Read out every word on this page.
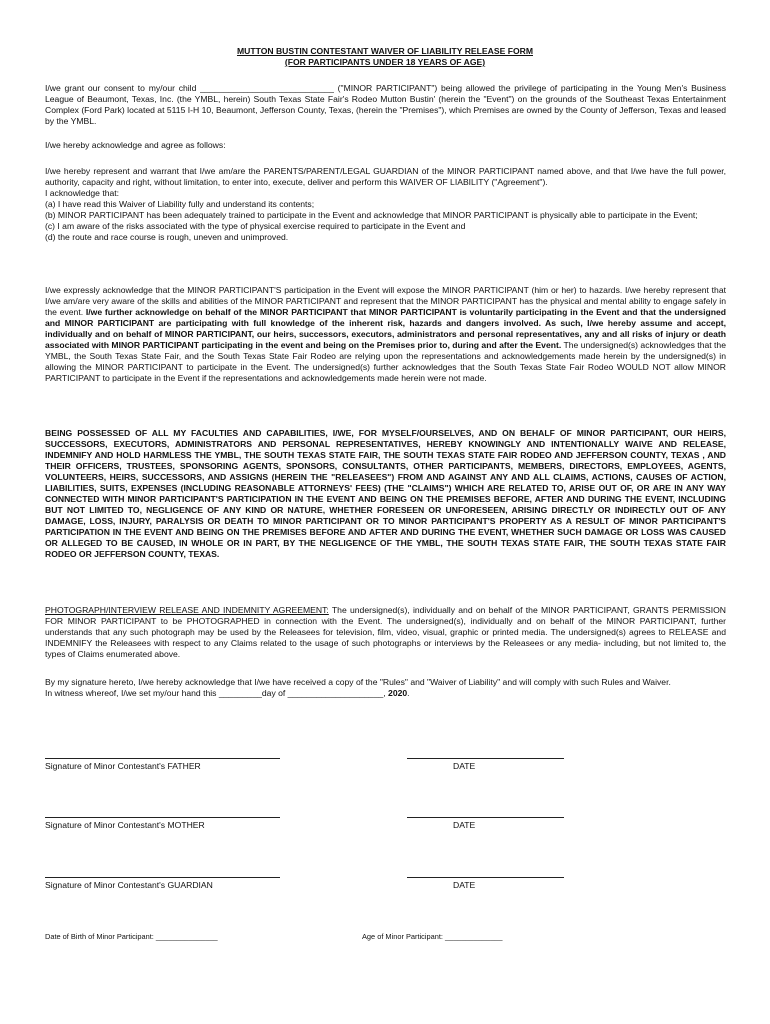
MUTTON BUSTIN CONTESTANT WAIVER OF LIABILITY RELEASE FORM
(FOR PARTICIPANTS UNDER 18 YEARS OF AGE)
I/we grant our consent to my/our child ____________________________ ("MINOR PARTICIPANT") being allowed the privilege of participating in the Young Men's Business League of Beaumont, Texas, Inc. (the YMBL, herein) South Texas State Fair's Rodeo Mutton Bustin' (herein the "Event") on the grounds of the Southeast Texas Entertainment Complex (Ford Park) located at 5115 I-H 10, Beaumont, Jefferson County, Texas, (herein the "Premises"), which Premises are owned by the County of Jefferson, Texas and leased by the YMBL.
I/we hereby acknowledge and agree as follows:
I/we hereby represent and warrant that I/we am/are the PARENTS/PARENT/LEGAL GUARDIAN of the MINOR PARTICIPANT named above, and that I/we have the full power, authority, capacity and right, without limitation, to enter into, execute, deliver and perform this WAIVER OF LIABILITY ("Agreement").
I acknowledge that:
(a) I have read this Waiver of Liability fully and understand its contents;
(b) MINOR PARTICIPANT has been adequately trained to participate in the Event and acknowledge that MINOR PARTICIPANT is physically able to participate in the Event;
(c) I am aware of the risks associated with the type of physical exercise required to participate in the Event and
(d) the route and race course is rough, uneven and unimproved.
I/we expressly acknowledge that the MINOR PARTICIPANT'S participation in the Event will expose the MINOR PARTICIPANT (him or her) to hazards. I/we hereby represent that I/we am/are very aware of the skills and abilities of the MINOR PARTICIPANT and represent that the MINOR PARTICIPANT has the physical and mental ability to engage safely in the event. I/we further acknowledge on behalf of the MINOR PARTICIPANT that MINOR PARTICIPANT is voluntarily participating in the Event and that the undersigned and MINOR PARTICIPANT are participating with full knowledge of the inherent risk, hazards and dangers involved. As such, I/we hereby assume and accept, individually and on behalf of MINOR PARTICIPANT, our heirs, successors, executors, administrators and personal representatives, any and all risks of injury or death associated with MINOR PARTICIPANT participating in the event and being on the Premises prior to, during and after the Event. The undersigned(s) acknowledges that the YMBL, the South Texas State Fair, and the South Texas State Fair Rodeo are relying upon the representations and acknowledgements made herein by the undersigned(s) in allowing the MINOR PARTICIPANT to participate in the Event. The undersigned(s) further acknowledges that the South Texas State Fair Rodeo WOULD NOT allow MINOR PARTICIPANT to participate in the Event if the representations and acknowledgements made herein were not made.
BEING POSSESSED OF ALL MY FACULTIES AND CAPABILITIES, I/WE, FOR MYSELF/OURSELVES, AND ON BEHALF OF MINOR PARTICIPANT, OUR HEIRS, SUCCESSORS, EXECUTORS, ADMINISTRATORS AND PERSONAL REPRESENTATIVES, HEREBY KNOWINGLY AND INTENTIONALLY WAIVE AND RELEASE, INDEMNIFY AND HOLD HARMLESS THE YMBL, THE SOUTH TEXAS STATE FAIR, THE SOUTH TEXAS STATE FAIR RODEO AND JEFFERSON COUNTY, TEXAS , AND THEIR OFFICERS, TRUSTEES, SPONSORING AGENTS, SPONSORS, CONSULTANTS, OTHER PARTICIPANTS, MEMBERS, DIRECTORS, EMPLOYEES, AGENTS, VOLUNTEERS, HEIRS, SUCCESSORS, AND ASSIGNS (HEREIN THE "RELEASEES") FROM AND AGAINST ANY AND ALL CLAIMS, ACTIONS, CAUSES OF ACTION, LIABILITIES, SUITS, EXPENSES (INCLUDING REASONABLE ATTORNEYS' FEES) (THE "CLAIMS") WHICH ARE RELATED TO, ARISE OUT OF, OR ARE IN ANY WAY CONNECTED WITH MINOR PARTICIPANT'S PARTICIPATION IN THE EVENT AND BEING ON THE PREMISES BEFORE, AFTER AND DURING THE EVENT, INCLUDING BUT NOT LIMITED TO, NEGLIGENCE OF ANY KIND OR NATURE, WHETHER FORESEEN OR UNFORESEEN, ARISING DIRECTLY OR INDIRECTLY OUT OF ANY DAMAGE, LOSS, INJURY, PARALYSIS OR DEATH TO MINOR PARTICIPANT OR TO MINOR PARTICIPANT'S PROPERTY AS A RESULT OF MINOR PARTICIPANT'S PARTICIPATION IN THE EVENT AND BEING ON THE PREMISES BEFORE AND AFTER AND DURING THE EVENT, WHETHER SUCH DAMAGE OR LOSS WAS CAUSED OR ALLEGED TO BE CAUSED, IN WHOLE OR IN PART, BY THE NEGLIGENCE OF THE YMBL, THE SOUTH TEXAS STATE FAIR, THE SOUTH TEXAS STATE FAIR RODEO OR JEFFERSON COUNTY, TEXAS.
PHOTOGRAPH/INTERVIEW RELEASE AND INDEMNITY AGREEMENT: The undersigned(s), individually and on behalf of the MINOR PARTICIPANT, GRANTS PERMISSION FOR MINOR PARTICIPANT to be PHOTOGRAPHED in connection with the Event. The undersigned(s), individually and on behalf of the MINOR PARTICIPANT, further understands that any such photograph may be used by the Releasees for television, film, video, visual, graphic or printed media. The undersigned(s) agrees to RELEASE and INDEMNIFY the Releasees with respect to any Claims related to the usage of such photographs or interviews by the Releasees or any media- including, but not limited to, the types of Claims enumerated above.
By my signature hereto, I/we hereby acknowledge that I/we have received a copy of the "Rules" and "Waiver of Liability" and will comply with such Rules and Waiver.
In witness whereof, I/we set my/our hand this _________day of ____________________, 2020.
Signature of Minor Contestant's FATHER	DATE
Signature of Minor Contestant's MOTHER	DATE
Signature of Minor Contestant's GUARDIAN	DATE
Date of Birth of Minor Participant: _______________	Age of Minor Participant: ______________
